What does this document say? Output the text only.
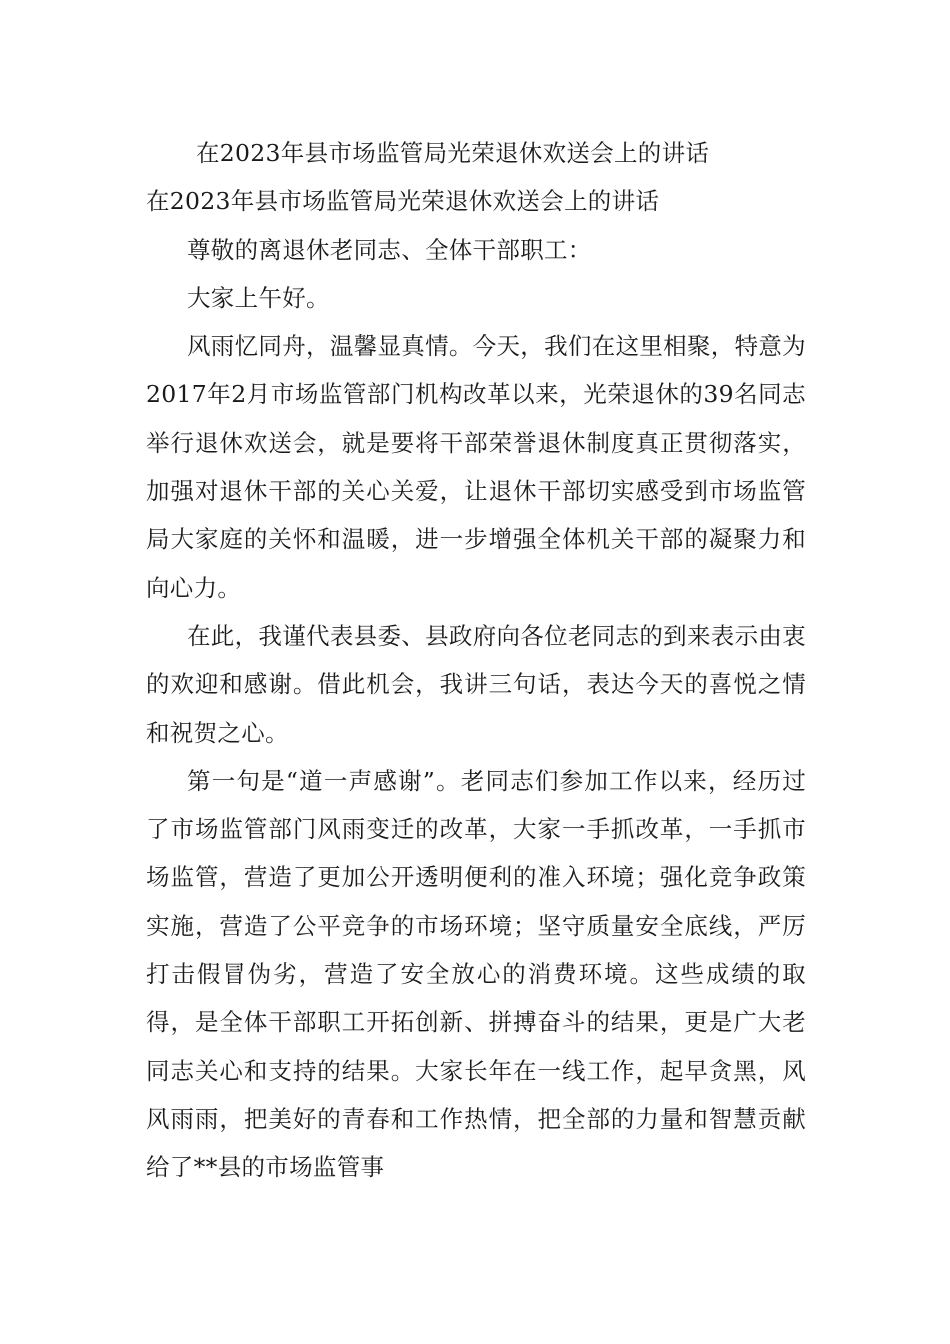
在2023年县市场监管局光荣退休欢送会上的讲话

在2023年县市场监管局光荣退休欢送会上的讲话

尊敬的离退休老同志、全体干部职工：

大家上午好。

风雨忆同舟，温馨显真情。今天，我们在这里相聚，特意为2017年2月市场监管部门机构改革以来，光荣退休的39名同志举行退休欢送会，就是要将干部荣誉退休制度真正贯彻落实，加强对退休干部的关心关爱，让退休干部切实感受到市场监管局大家庭的关怀和温暖，进一步增强全体机关干部的凝聚力和向心力。

在此，我谨代表县委、县政府向各位老同志的到来表示由衷的欢迎和感谢。借此机会，我讲三句话，表达今天的喜悦之情和祝贺之心。

第一句是“道一声感谢”。老同志们参加工作以来，经历过了市场监管部门风雨变迁的改革，大家一手抓改革，一手抓市场监管，营造了更加公开透明便利的准入环境；强化竞争政策实施，营造了公平竞争的市场环境；坚守质量安全底线，严厉打击假冒伪劣，营造了安全放心的消费环境。这些成绩的取得，是全体干部职工开拓创新、拼搏奋斗的结果，更是广大老同志关心和支持的结果。大家长年在一线工作，起早贪黑，风风雨雨，把美好的青春和工作热情，把全部的力量和智慧贡献给了**县的市场监管事
